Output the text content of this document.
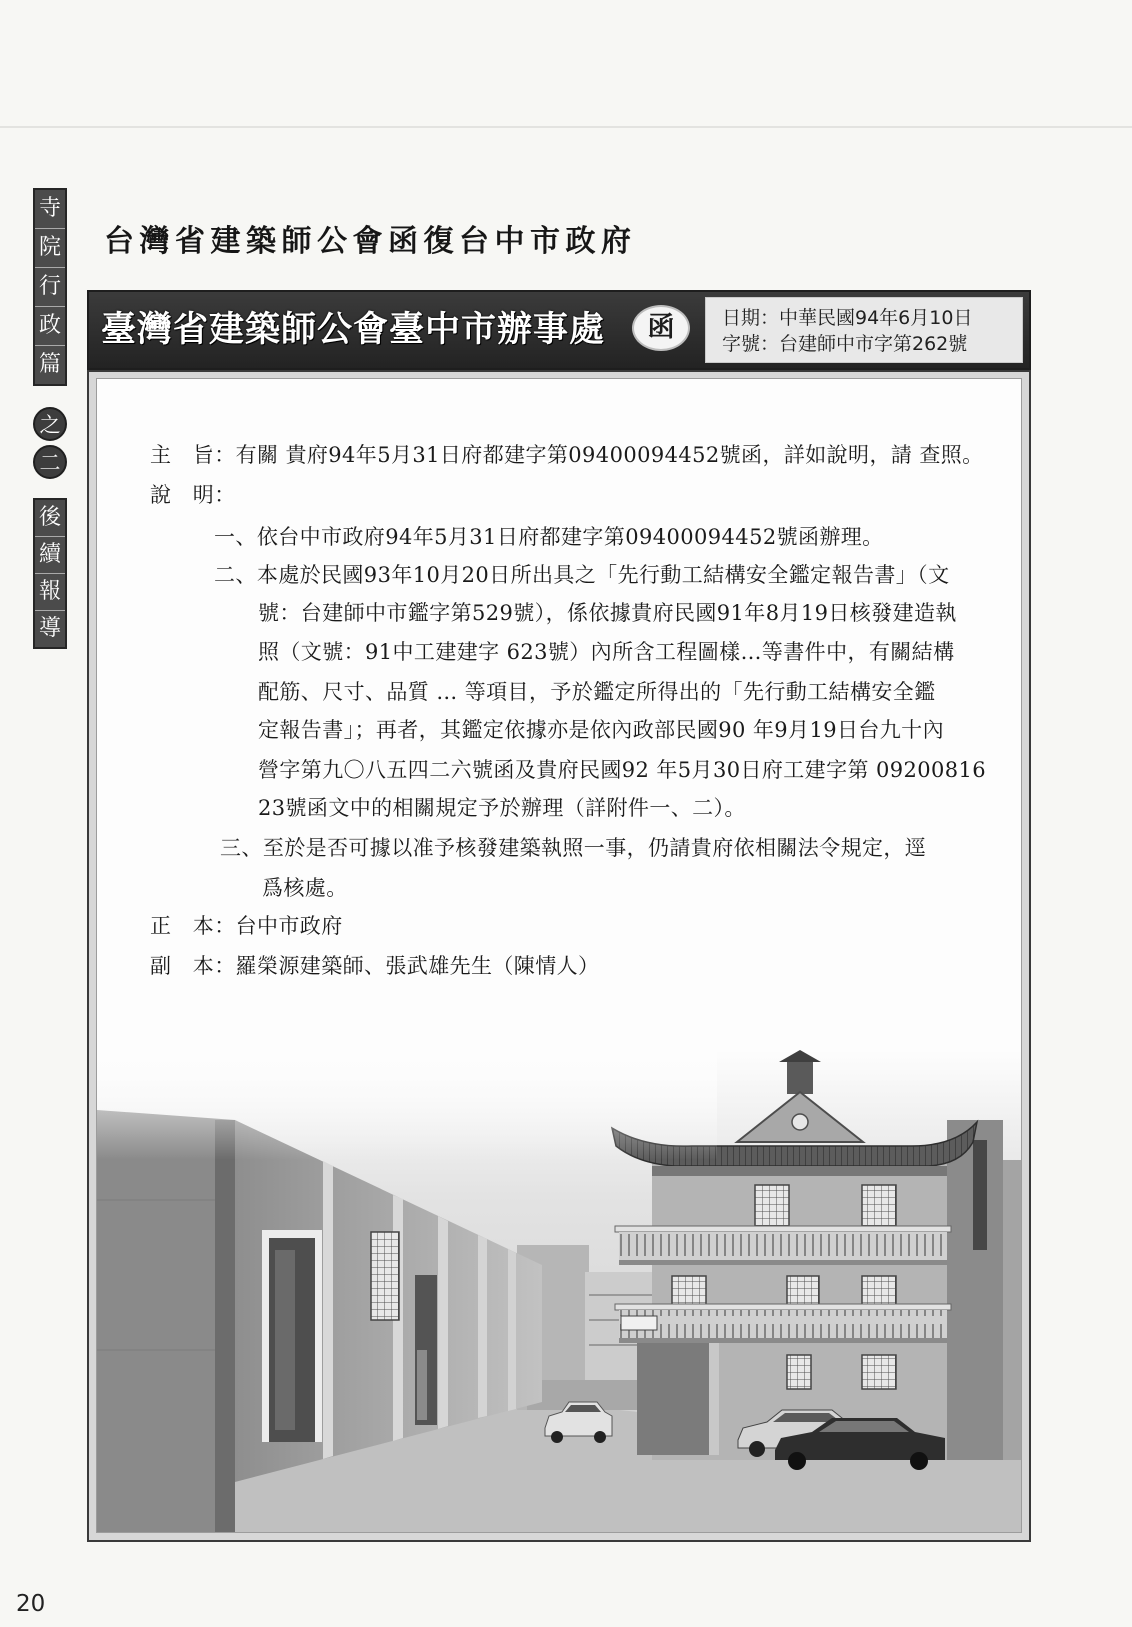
寺
院
行
政
篇
之
二
後
續
報
導
台灣省建築師公會函復台中市政府
臺灣省建築師公會臺中市辦事處	函	日期：中華民國94年6月10日
字號：台建師中市字第262號
主　旨：有關 貴府94年5月31日府都建字第09400094452號函，詳如說明，請 查照。
說　明：
一、依台中市政府94年5月31日府都建字第09400094452號函辦理。
二、本處於民國93年10月20日所出具之「先行動工結構安全鑑定報告書」（文
號：台建師中市鑑字第529號），係依據貴府民國91年8月19日核發建造執
照（文號：91中工建建字 623號）內所含工程圖樣…等書件中，有關結構
配筋、尺寸、品質 … 等項目，予於鑑定所得出的「先行動工結構安全鑑
定報告書」；再者，其鑑定依據亦是依內政部民國90 年9月19日台九十內
營字第九〇八五四二六號函及貴府民國92 年5月30日府工建字第 09200816
23號函文中的相關規定予於辦理（詳附件一、二）。
三、至於是否可據以准予核發建築執照一事，仍請貴府依相關法令規定，逕
爲核處。
正　本：台中市政府
副　本：羅榮源建築師、張武雄先生（陳情人）
20
